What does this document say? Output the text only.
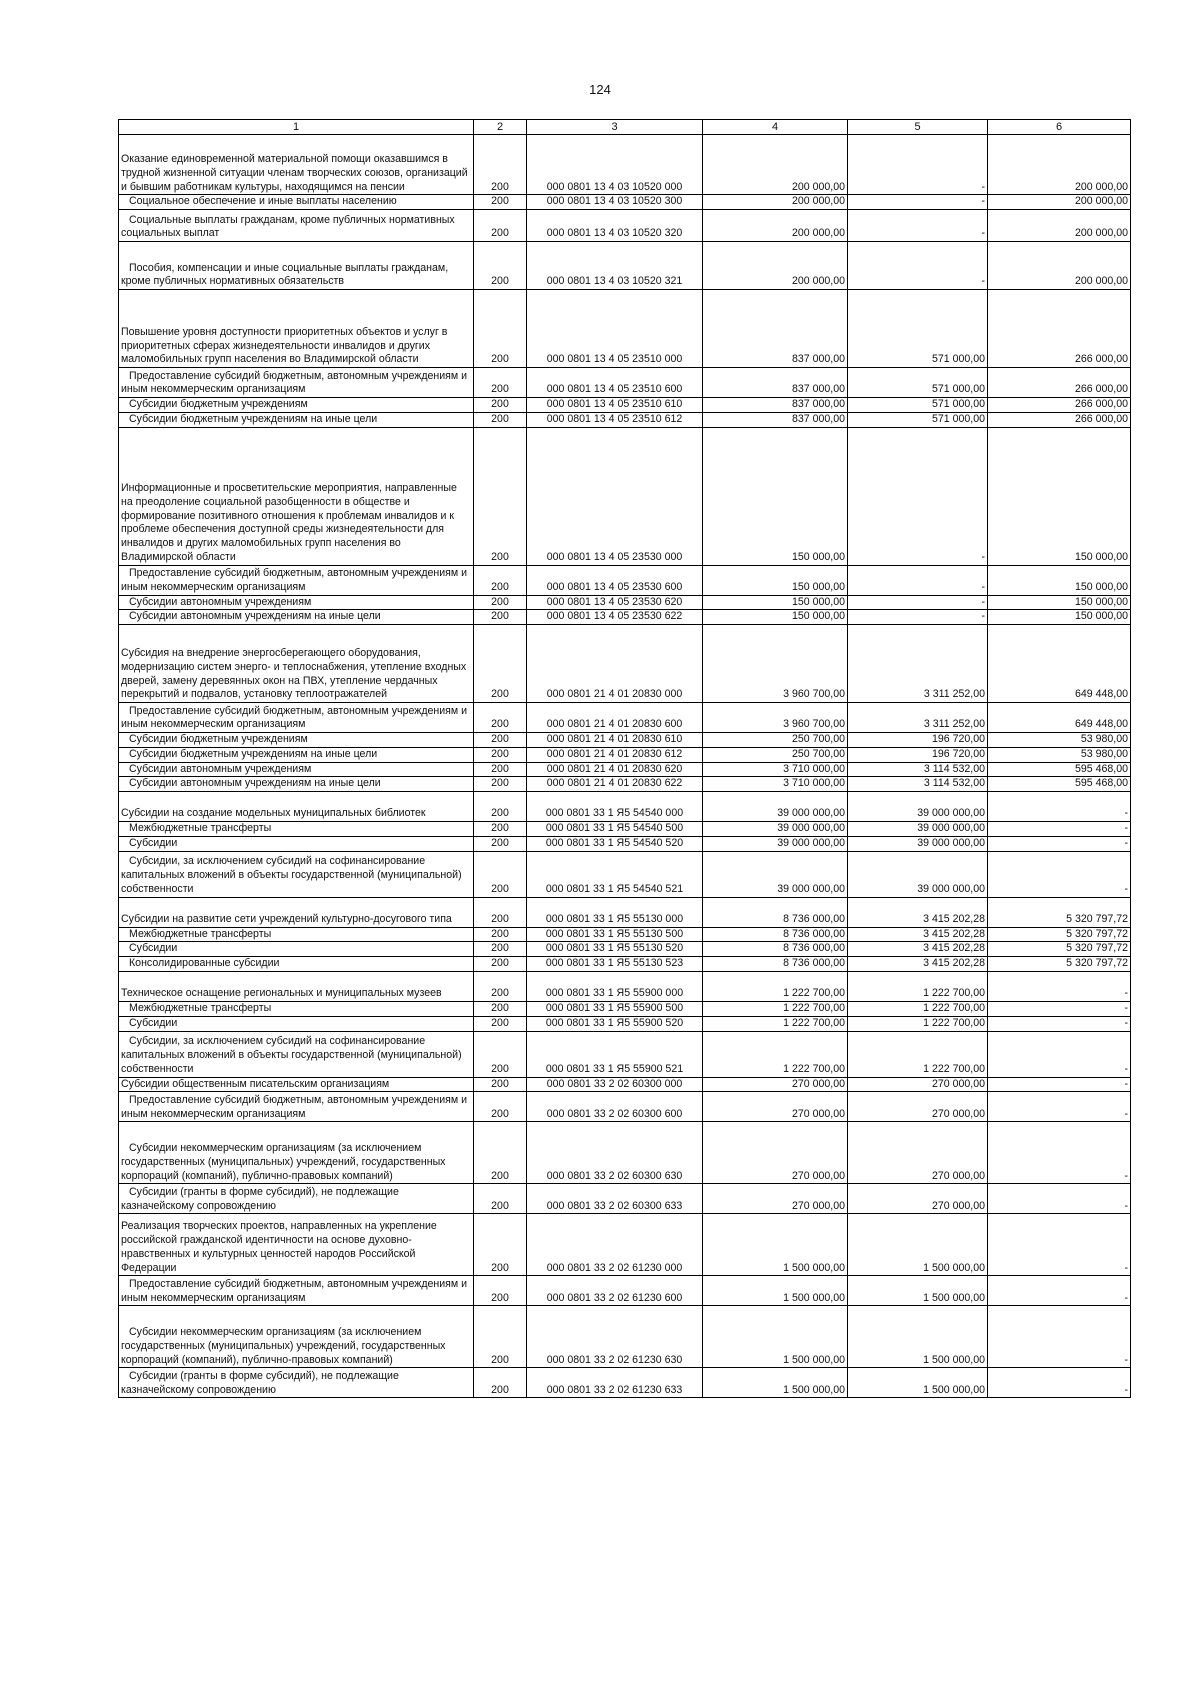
124
1	2	3	4	5	6

Оказание единовременной материальной помощи оказавшимся в трудной жизненной ситуации членам творческих союзов, организаций и бывшим работникам культуры, находящимся на пенсии	200	000 0801 13 4 03 10520 000	200 000,00	-	200 000,00

Социальное обеспечение и иные выплаты населению	200	000 0801 13 4 03 10520 300	200 000,00	-	200 000,00

Социальные выплаты гражданам, кроме публичных нормативных социальных выплат	200	000 0801 13 4 03 10520 320	200 000,00	-	200 000,00

Пособия, компенсации и иные социальные выплаты гражданам, кроме публичных нормативных обязательств	200	000 0801 13 4 03 10520 321	200 000,00	-	200 000,00

Повышение уровня доступности приоритетных объектов и услуг в приоритетных сферах жизнедеятельности инвалидов и других маломобильных групп населения во Владимирской области	200	000 0801 13 4 05 23510 000	837 000,00	571 000,00	266 000,00

Предоставление субсидий бюджетным, автономным учреждениям и иным некоммерческим организациям	200	000 0801 13 4 05 23510 600	837 000,00	571 000,00	266 000,00

Субсидии бюджетным учреждениям	200	000 0801 13 4 05 23510 610	837 000,00	571 000,00	266 000,00

Субсидии бюджетным учреждениям на иные цели	200	000 0801 13 4 05 23510 612	837 000,00	571 000,00	266 000,00

Информационные и просветительские мероприятия, направленные на преодоление социальной разобщенности в обществе и формирование позитивного отношения к проблемам инвалидов и к проблеме обеспечения доступной среды жизнедеятельности для инвалидов и других маломобильных групп населения во Владимирской области	200	000 0801 13 4 05 23530 000	150 000,00	-	150 000,00

Предоставление субсидий бюджетным, автономным учреждениям и иным некоммерческим организациям	200	000 0801 13 4 05 23530 600	150 000,00	-	150 000,00

Субсидии автономным учреждениям	200	000 0801 13 4 05 23530 620	150 000,00	-	150 000,00

Субсидии автономным учреждениям на иные цели	200	000 0801 13 4 05 23530 622	150 000,00	-	150 000,00

Субсидия на внедрение энергосберегающего оборудования, модернизацию систем энерго- и теплоснабжения, утепление входных дверей, замену деревянных окон на ПВХ, утепление чердачных перекрытий и подвалов, установку теплоотражателей	200	000 0801 21 4 01 20830 000	3 960 700,00	3 311 252,00	649 448,00

Предоставление субсидий бюджетным, автономным учреждениям и иным некоммерческим организациям	200	000 0801 21 4 01 20830 600	3 960 700,00	3 311 252,00	649 448,00

Субсидии бюджетным учреждениям	200	000 0801 21 4 01 20830 610	250 700,00	196 720,00	53 980,00

Субсидии бюджетным учреждениям на иные цели	200	000 0801 21 4 01 20830 612	250 700,00	196 720,00	53 980,00

Субсидии автономным учреждениям	200	000 0801 21 4 01 20830 620	3 710 000,00	3 114 532,00	595 468,00

Субсидии автономным учреждениям на иные цели	200	000 0801 21 4 01 20830 622	3 710 000,00	3 114 532,00	595 468,00

Субсидии на создание модельных муниципальных библиотек	200	000 0801 33 1 Я5 54540 000	39 000 000,00	39 000 000,00	-

Межбюджетные трансферты	200	000 0801 33 1 Я5 54540 500	39 000 000,00	39 000 000,00	-

Субсидии	200	000 0801 33 1 Я5 54540 520	39 000 000,00	39 000 000,00	-

Субсидии, за исключением субсидий на софинансирование капитальных вложений в объекты государственной (муниципальной) собственности	200	000 0801 33 1 Я5 54540 521	39 000 000,00	39 000 000,00	-

Субсидии на развитие сети учреждений культурно-досугового типа	200	000 0801 33 1 Я5 55130 000	8 736 000,00	3 415 202,28	5 320 797,72

Межбюджетные трансферты	200	000 0801 33 1 Я5 55130 500	8 736 000,00	3 415 202,28	5 320 797,72

Субсидии	200	000 0801 33 1 Я5 55130 520	8 736 000,00	3 415 202,28	5 320 797,72

Консолидированные субсидии	200	000 0801 33 1 Я5 55130 523	8 736 000,00	3 415 202,28	5 320 797,72

Техническое оснащение региональных и муниципальных музеев	200	000 0801 33 1 Я5 55900 000	1 222 700,00	1 222 700,00	-

Межбюджетные трансферты	200	000 0801 33 1 Я5 55900 500	1 222 700,00	1 222 700,00	-

Субсидии	200	000 0801 33 1 Я5 55900 520	1 222 700,00	1 222 700,00	-

Субсидии, за исключением субсидий на софинансирование капитальных вложений в объекты государственной (муниципальной) собственности	200	000 0801 33 1 Я5 55900 521	1 222 700,00	1 222 700,00	-

Субсидии общественным писательским организациям	200	000 0801 33 2 02 60300 000	270 000,00	270 000,00	-

Предоставление субсидий бюджетным, автономным учреждениям и иным некоммерческим организациям	200	000 0801 33 2 02 60300 600	270 000,00	270 000,00	-

Субсидии некоммерческим организациям (за исключением государственных (муниципальных) учреждений, государственных корпораций (компаний), публично-правовых компаний)	200	000 0801 33 2 02 60300 630	270 000,00	270 000,00	-

Субсидии (гранты в форме субсидий), не подлежащие казначейскому сопровождению	200	000 0801 33 2 02 60300 633	270 000,00	270 000,00	-

Реализация творческих проектов, направленных на укрепление российской гражданской идентичности на основе духовно-нравственных и культурных ценностей народов Российской Федерации	200	000 0801 33 2 02 61230 000	1 500 000,00	1 500 000,00	-

Предоставление субсидий бюджетным, автономным учреждениям и иным некоммерческим организациям	200	000 0801 33 2 02 61230 600	1 500 000,00	1 500 000,00	-

Субсидии некоммерческим организациям (за исключением государственных (муниципальных) учреждений, государственных корпораций (компаний), публично-правовых компаний)	200	000 0801 33 2 02 61230 630	1 500 000,00	1 500 000,00	-

Субсидии (гранты в форме субсидий), не подлежащие казначейскому сопровождению	200	000 0801 33 2 02 61230 633	1 500 000,00	1 500 000,00	-
